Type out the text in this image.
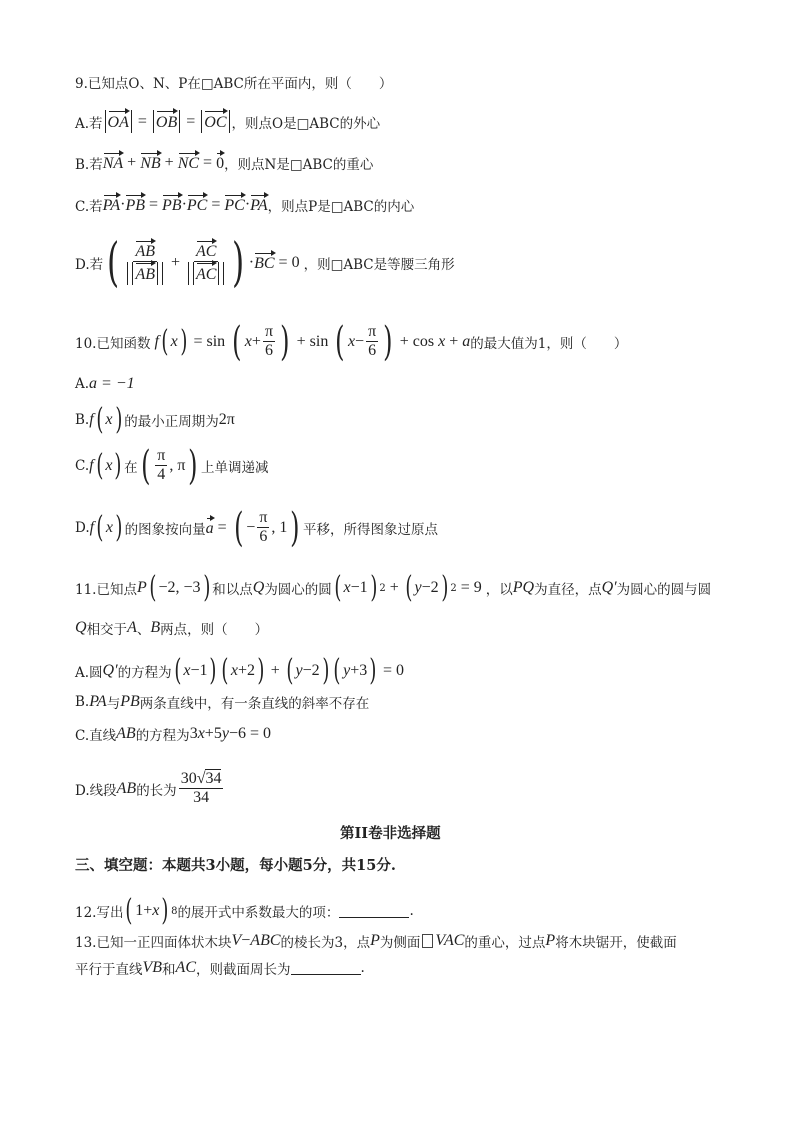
9.已知点O、N、P在□ABC所在平面内，则（　　）
A.若 OA = OB = OC ，则点O是□ABC的外心
B.若 NA + NB + NC = 0 ，则点N是□ABC的重心
C.若 PA · PB = PB · PC = PC · PA ，则点P是□ABC的内心
D.若 ( $\frac{AB}{AB} + \frac{AC}{AC}$ ) · BC = 0 ，则□ABC是等腰三角形
10.已知函数 f ( x ) = sin ( $x + \frac{\pi}{6}$ ) + sin ( $x - \frac{\pi}{6}$ ) + cos x + a 的最大值为1，则（　　）
A. a = −1
B. f ( x ) 的最小正周期为 2π
C. f ( x ) 在 ( $\frac{\pi}{4}$ , π ) 上单调递减
D. f ( x ) 的图象按向量 a = ( − $\frac{\pi}{6}$ , 1 ) 平移，所得图象过原点
11.已知点 P ( −2, −3 ) 和以点 Q 为圆心的圆 ( x −1 ) 2 + ( y −2 ) 2 = 9 ，以 PQ 为直径，点 Q′ 为圆心的圆与圆
Q 相交于 A 、 B 两点，则（　　）
A.圆 Q′ 的方程为 ( x −1 ) ( x +2 ) + ( y −2 ) ( y +3 ) = 0
B. PA 与 PB 两条直线中，有一条直线的斜率不存在
C.直线 AB 的方程为 3 x +5 y −6 = 0
D.线段 AB 的长为 $\frac{30√34}{34}$
第II卷非选择题
三、填空题：本题共3小题，每小题5分，共15分.
12.写出 ( 1+ x ) 8 的展开式中系数最大的项：	.
13.已知一正四面体状木块 V − ABC 的棱长为3，点 P 为侧面 VAC 的重心，过点 P 将木块锯开，使截面
平行于直线 VB 和 AC ，则截面周长为	.
